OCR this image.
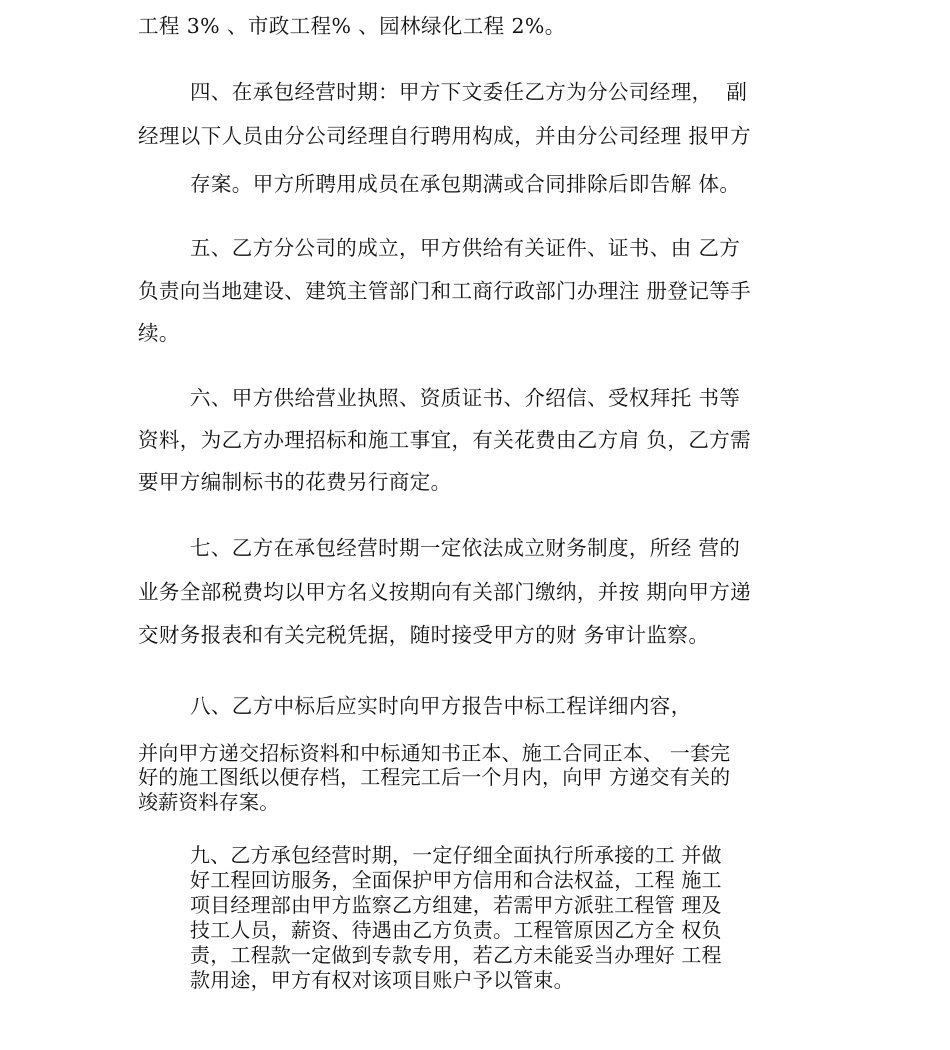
工程 3% 、市政工程% 、园林绿化工程 2%。
四、在承包经营时期：甲方下文委任乙方为分公司经理，  副
经理以下人员由分公司经理自行聘用构成，并由分公司经理 报甲方
存案。甲方所聘用成员在承包期满或合同排除后即告解 体。
五、乙方分公司的成立，甲方供给有关证件、证书、由 乙方
负责向当地建设、建筑主管部门和工商行政部门办理注 册登记等手
续。
六、甲方供给营业执照、资质证书、介绍信、受权拜托 书等
资料，为乙方办理招标和施工事宜，有关花费由乙方肩 负，乙方需
要甲方编制标书的花费另行商定。
七、乙方在承包经营时期一定依法成立财务制度，所经 营的
业务全部税费均以甲方名义按期向有关部门缴纳，并按 期向甲方递
交财务报表和有关完税凭据，随时接受甲方的财 务审计监察。
八、乙方中标后应实时向甲方报告中标工程详细内容，
并向甲方递交招标资料和中标通知书正本、施工合同正本、 一套完
好的施工图纸以便存档，工程完工后一个月内，向甲 方递交有关的
竣薪资料存案。
九、乙方承包经营时期，一定仔细全面执行所承接的工 并做
好工程回访服务，全面保护甲方信用和合法权益，工程 施工
项目经理部由甲方监察乙方组建，若需甲方派驻工程管 理及
技工人员，薪资、待遇由乙方负责。工程管原因乙方全 权负
责，工程款一定做到专款专用，若乙方未能妥当办理好 工程
款用途，甲方有权对该项目账户予以管束。
